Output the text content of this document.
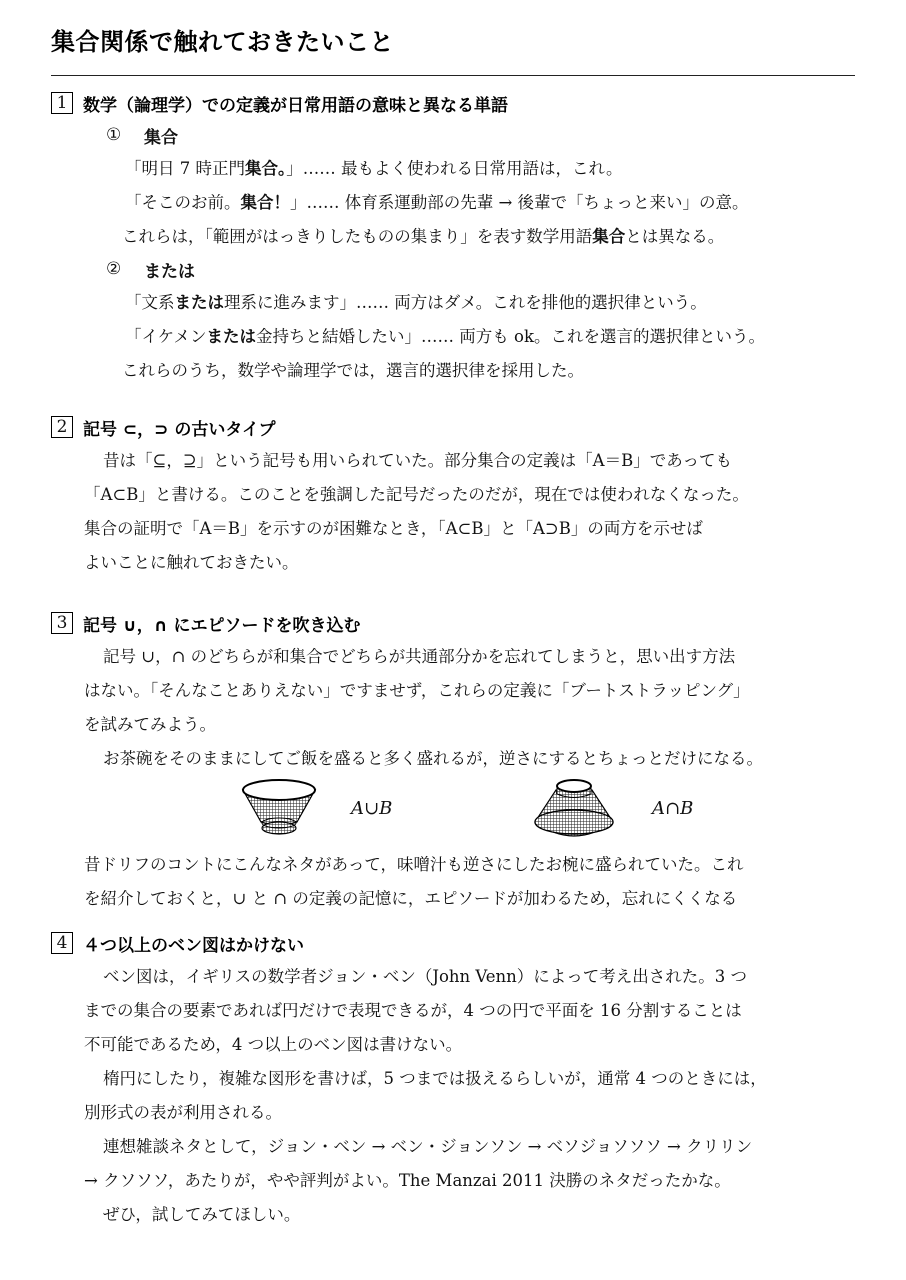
集合関係で触れておきたいこと
1 数学（論理学）での定義が日常用語の意味と異なる単語
①	集合
「明日 7 時正門集合。」…… 最もよく使われる日常用語は，これ。
「そこのお前。集合！」…… 体育系運動部の先輩 → 後輩で「ちょっと来い」の意。
これらは，「範囲がはっきりしたものの集まり」を表す数学用語集合とは異なる。
②	または
「文系または理系に進みます」…… 両方はダメ。これを排他的選択律という。
「イケメンまたは金持ちと結婚したい」…… 両方も ok。これを選言的選択律という。
これらのうち，数学や論理学では，選言的選択律を採用した。
2 記号 ⊂，⊃ の古いタイプ
昔は「⊆，⊇」という記号も用いられていた。部分集合の定義は「A＝B」であっても
「A⊂B」と書ける。このことを強調した記号だったのだが，現在では使われなくなった。
集合の証明で「A＝B」を示すのが困難なとき，「A⊂B」と「A⊃B」の両方を示せば
よいことに触れておきたい。
3 記号 ∪，∩ にエピソードを吹き込む
記号 ∪，∩ のどちらが和集合でどちらが共通部分かを忘れてしまうと，思い出す方法
はない。「そんなことありえない」ですませず，これらの定義に「ブートストラッピング」
を試みてみよう。
お茶碗をそのままにしてご飯を盛ると多く盛れるが，逆さにするとちょっとだけになる。
A∪B	A∩B
昔ドリフのコントにこんなネタがあって，味噌汁も逆さにしたお椀に盛られていた。これ
を紹介しておくと，∪ と ∩ の定義の記憶に，エピソードが加わるため，忘れにくくなる
4 ４つ以上のベン図はかけない
ベン図は，イギリスの数学者ジョン・ベン（John Venn）によって考え出された。3 つ
までの集合の要素であれば円だけで表現できるが，4 つの円で平面を 16 分割することは
不可能であるため，4 つ以上のベン図は書けない。
楕円にしたり，複雑な図形を書けば，5 つまでは扱えるらしいが，通常 4 つのときには，
別形式の表が利用される。
連想雑談ネタとして，ジョン・ベン → ベン・ジョンソン → ベソジョソソソ → クリリン
→ クソソソ，あたりが，やや評判がよい。The Manzai 2011 決勝のネタだったかな。
ぜひ，試してみてほしい。
